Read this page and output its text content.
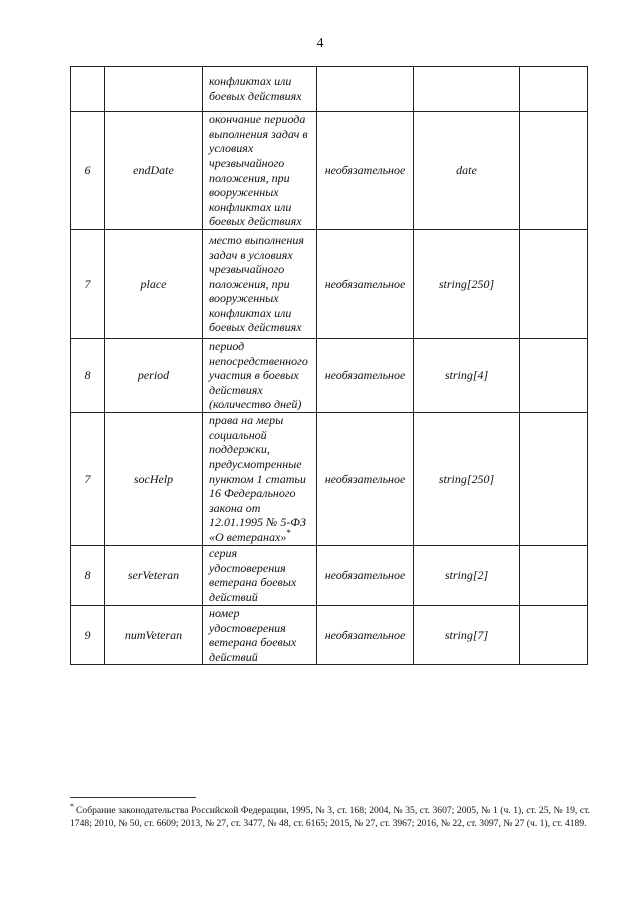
4
		конфликтах или боевых действиях			
6	endDate	окончание периода выполнения задач в условиях чрезвычайного положения, при вооруженных конфликтах или боевых действиях	необязательное	date	
7	place	место выполнения задач в условиях чрезвычайного положения, при вооруженных конфликтах или боевых действиях	необязательное	string[250]	
8	period	период непосредственного участия в боевых действиях (количество дней)	необязательное	string[4]	
7	socHelp	права на меры социальной поддержки, предусмотренные пунктом 1 статьи 16 Федерального закона от 12.01.1995 № 5-ФЗ «О ветеранах»*	необязательное	string[250]	
8	serVeteran	серия удостоверения ветерана боевых действий	необязательное	string[2]	
9	numVeteran	номер удостоверения ветерана боевых действий	необязательное	string[7]	
* Собрание законодательства Российской Федерации, 1995, № 3, ст. 168; 2004, № 35, ст. 3607; 2005, № 1 (ч. 1), ст. 25, № 19, ст. 1748; 2010, № 50, ст. 6609; 2013, № 27, ст. 3477, № 48, ст. 6165; 2015, № 27, ст. 3967; 2016, № 22, ст. 3097, № 27 (ч. 1), ст. 4189.
